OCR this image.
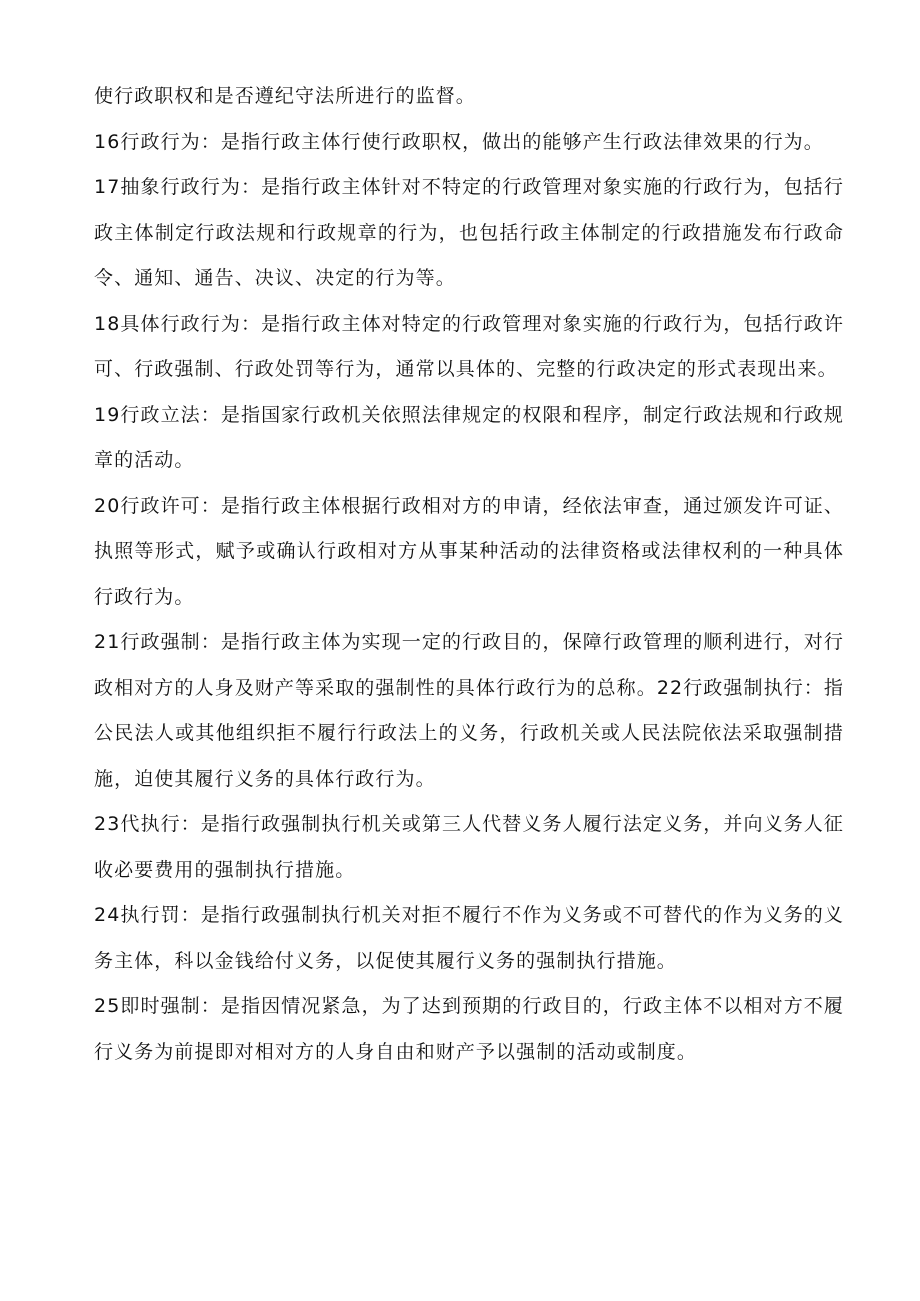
使行政职权和是否遵纪守法所进行的监督。

16行政行为：是指行政主体行使行政职权，做出的能够产生行政法律效果的行为。

17抽象行政行为：是指行政主体针对不特定的行政管理对象实施的行政行为，包括行政主体制定行政法规和行政规章的行为，也包括行政主体制定的行政措施发布行政命令、通知、通告、决议、决定的行为等。

18具体行政行为：是指行政主体对特定的行政管理对象实施的行政行为，包括行政许可、行政强制、行政处罚等行为，通常以具体的、完整的行政决定的形式表现出来。

19行政立法：是指国家行政机关依照法律规定的权限和程序，制定行政法规和行政规章的活动。

20行政许可：是指行政主体根据行政相对方的申请，经依法审查，通过颁发许可证、执照等形式，赋予或确认行政相对方从事某种活动的法律资格或法律权利的一种具体行政行为。

21行政强制：是指行政主体为实现一定的行政目的，保障行政管理的顺利进行，对行政相对方的人身及财产等采取的强制性的具体行政行为的总称。22行政强制执行：指公民法人或其他组织拒不履行行政法上的义务，行政机关或人民法院依法采取强制措施，迫使其履行义务的具体行政行为。

23代执行：是指行政强制执行机关或第三人代替义务人履行法定义务，并向义务人征收必要费用的强制执行措施。

24执行罚：是指行政强制执行机关对拒不履行不作为义务或不可替代的作为义务的义务主体，科以金钱给付义务，以促使其履行义务的强制执行措施。

25即时强制：是指因情况紧急，为了达到预期的行政目的，行政主体不以相对方不履行义务为前提即对相对方的人身自由和财产予以强制的活动或制度。
